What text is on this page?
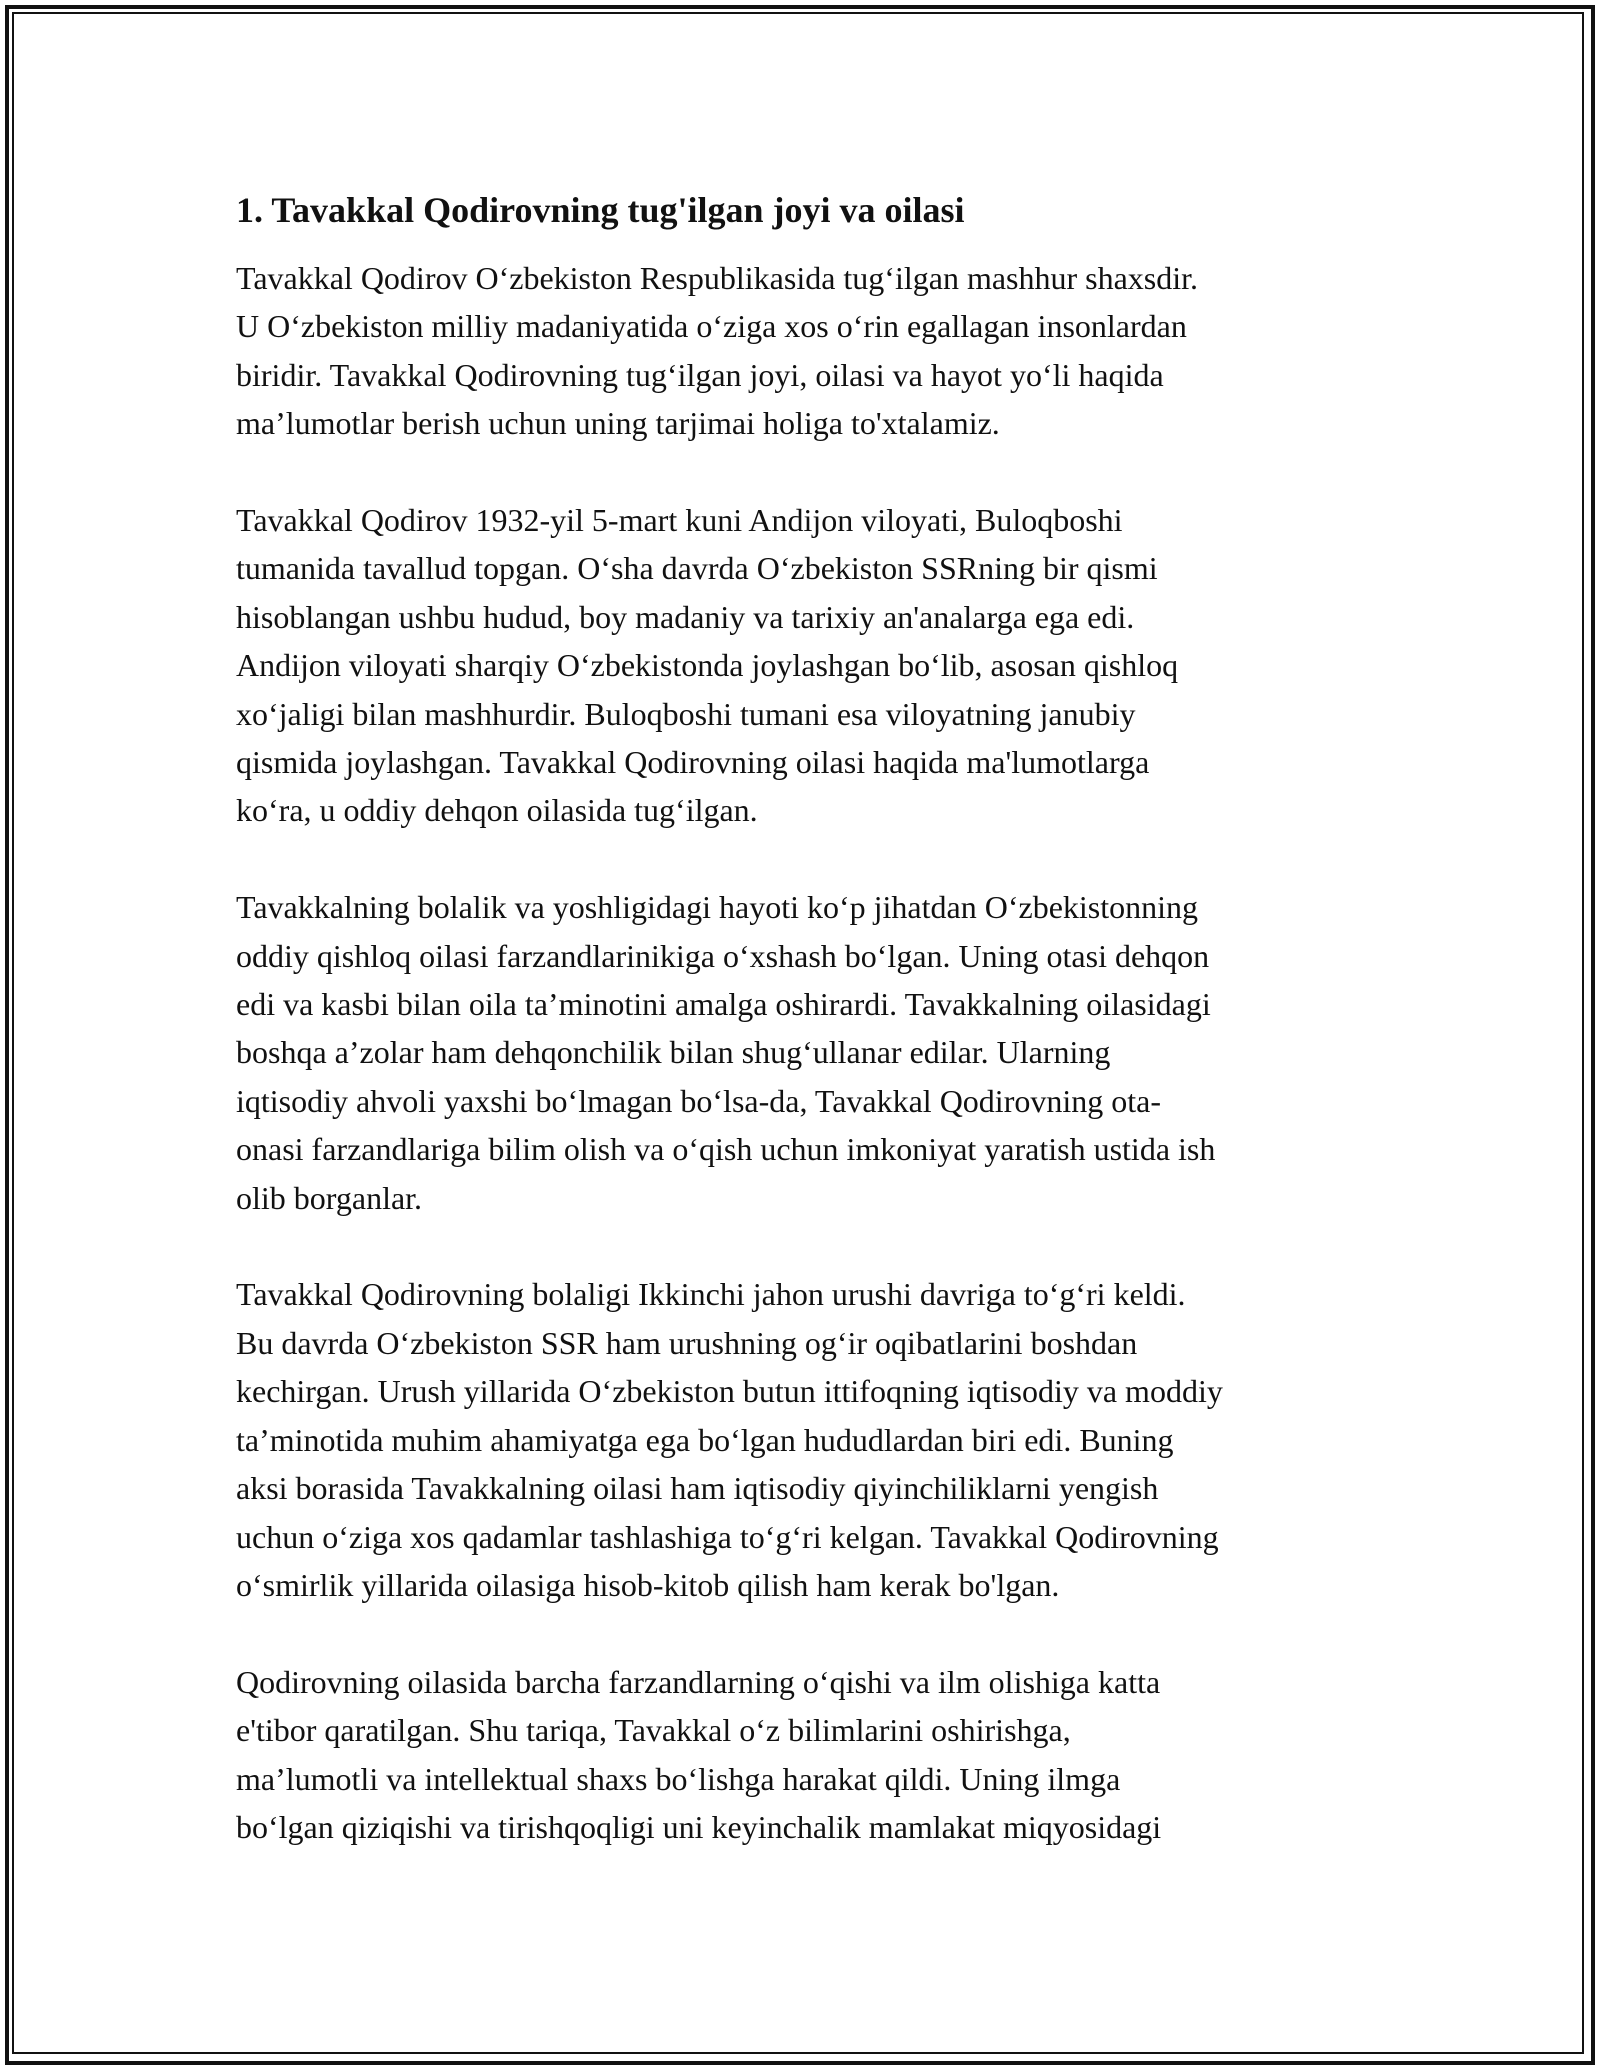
1. Tavakkal Qodirovning tug'ilgan joyi va oilasi

Tavakkal Qodirov Oʻzbekiston Respublikasida tugʻilgan mashhur shaxsdir.
U Oʻzbekiston milliy madaniyatida oʻziga xos oʻrin egallagan insonlardan
biridir. Tavakkal Qodirovning tugʻilgan joyi, oilasi va hayot yoʻli haqida
ma’lumotlar berish uchun uning tarjimai holiga to'xtalamiz.

Tavakkal Qodirov 1932-yil 5-mart kuni Andijon viloyati, Buloqboshi
tumanida tavallud topgan. Oʻsha davrda Oʻzbekiston SSRning bir qismi
hisoblangan ushbu hudud, boy madaniy va tarixiy an'analarga ega edi.
Andijon viloyati sharqiy Oʻzbekistonda joylashgan boʻlib, asosan qishloq
xoʻjaligi bilan mashhurdir. Buloqboshi tumani esa viloyatning janubiy
qismida joylashgan. Tavakkal Qodirovning oilasi haqida ma'lumotlarga
koʻra, u oddiy dehqon oilasida tugʻilgan.

Tavakkalning bolalik va yoshligidagi hayoti koʻp jihatdan Oʻzbekistonning
oddiy qishloq oilasi farzandlarinikiga oʻxshash boʻlgan. Uning otasi dehqon
edi va kasbi bilan oila ta’minotini amalga oshirardi. Tavakkalning oilasidagi
boshqa a’zolar ham dehqonchilik bilan shugʻullanar edilar. Ularning
iqtisodiy ahvoli yaxshi boʻlmagan boʻlsa-da, Tavakkal Qodirovning ota-
onasi farzandlariga bilim olish va oʻqish uchun imkoniyat yaratish ustida ish
olib borganlar.

Tavakkal Qodirovning bolaligi Ikkinchi jahon urushi davriga toʻgʻri keldi.
Bu davrda Oʻzbekiston SSR ham urushning ogʻir oqibatlarini boshdan
kechirgan. Urush yillarida Oʻzbekiston butun ittifoqning iqtisodiy va moddiy
ta’minotida muhim ahamiyatga ega boʻlgan hududlardan biri edi. Buning
aksi borasida Tavakkalning oilasi ham iqtisodiy qiyinchiliklarni yengish
uchun oʻziga xos qadamlar tashlashiga toʻgʻri kelgan. Tavakkal Qodirovning
oʻsmirlik yillarida oilasiga hisob-kitob qilish ham kerak bo'lgan.

Qodirovning oilasida barcha farzandlarning oʻqishi va ilm olishiga katta
e'tibor qaratilgan. Shu tariqa, Tavakkal oʻz bilimlarini oshirishga,
ma’lumotli va intellektual shaxs boʻlishga harakat qildi. Uning ilmga
boʻlgan qiziqishi va tirishqoqligi uni keyinchalik mamlakat miqyosidagi
